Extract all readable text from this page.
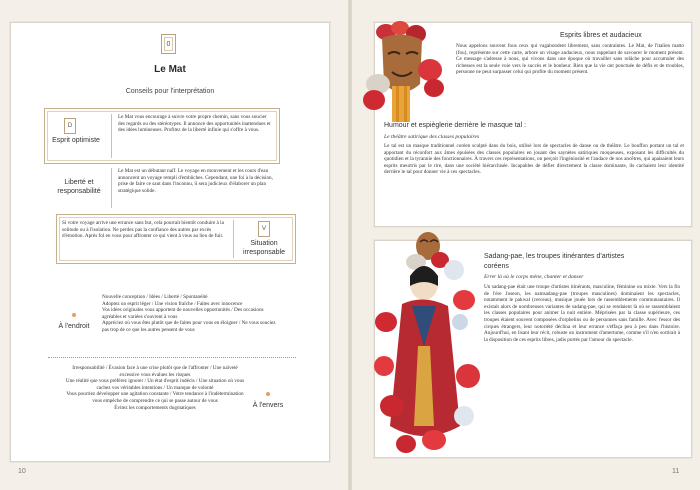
0
Le Mat
Conseils pour l'interprétation
D
Esprit optimiste
Le Mat vous encourage à suivre votre propre chemin, sans vous soucier des regards ou des stéréotypes. Il annonce des opportunités inattendues et des idées lumineuses. Profitez de la liberté infinie qui s'offre à vous.
Liberté et responsabilité
Le Mat est un débutant naïf. Le voyage en mouvement et les cours d'eau annoncent un voyage rempli d'embûches. Cependant, une foi à la décision, prise de faire ce saut dans l'inconnu, il sera judicieux d'élaborer un plan stratégique solide.
Si votre voyage arrive une errance sans but, cela pourrait bientôt conduire à la solitude ou à l'isolation. Ne perdez pas la confiance des autres par excès d'émotion. Après fol en vous pour affronter ce qui vient à vous au lieu de fuir.
V
Situation irresponsable
À l'endroit
Nouvelle conception / Idées / Liberté / Spontanéité
Adoptez un esprit léger / Une vision fraîche / Faites avec innocence
Vos idées originales vous apportent de nouvelles opportunités / Des occasions agréables et variées s'ouvrent à vous
Appréciez où vous êtes plutôt que de faites pour vous en éloigner / Ne vous souciez pas trop de ce que les autres pensent de vous
Irresponsabilité / Évasion face à une crise plutôt que de l'affronter / Une naïveté excessive vous évalues les risques
Une réalité que vous préférez ignorer / Un état d'esprit indécis / Une situation où vous cachez vos véritables intentions / Un manque de volonté
Vous pourriez développer une agitation constante / Votre tendance à l'indétermination vous empêche de comprendre ce qui se passe autour de vous
Évitez les comportements dogmatiques	À l'envers
10
Esprits libres et audacieux
Nous appelons souvent fous ceux qui vagabondent librement, sans contraintes. Le Mat, de l'italien matto (fou), représente sur cette carte, arbore un visage audacieux, nous rappelant de savourer le moment présent. Ce message s'adresse à nous, qui vivons dans une époque où travailler sans relâche pour accumuler des richesses est la seule voie vers le succès et le bonheur. Rien que la vie ont ponctuée de défis et de troubles, personne ne peut surpasser celui qui profite du moment présent.
Humour et espièglerie derrière le masque tal :
Le théâtre satirique des classes populaires
Le tal est un masque traditionnel coréen sculpté dans du bois, utilisé lors de spectacles de danse ou de théâtre. Le bouffon portant un tal et apportant du réconfort aux âmes épuisées des classes populaires en jouant des saynètes satiriques moqueuses, exposant les difficultés du quotidien et la tyrannie des fonctionnaires. À travers ces représentations, on perçoit l'ingéniosité et l'audace de nos ancêtres, qui apaisaient leurs esprits meurtris par le rire, dans une société hiérarchisée. Incapables de défier directement la classe dominante, ils cachaient leur identité derrière le tal pour donner vie à ces spectacles.
Sadang-pae, les troupes itinérantes d'artistes coréens
Errer là où le corps mène, chanter et danser
Un sadang-pae était une troupe d'artistes itinérants, masculine, féminine ou mixte. Vers la fin de l'ère Joseon, les namsadang-pae (troupes masculines) dominaient les spectacles, notamment le pakwal (cerceau), musique jouée lors de rassemblements communautaires. Il existait alors de nombreuses variantes de sadang-pae, qui se rendaient là où se rassemblaient les classes populaires pour animer la nuit entière. Méprisées par la classe supérieure, ces troupes étaient souvent composées d'orphelins ou de personnes sans famille. Avec l'essor des cirques étrangers, leur notoriété déclina et leur errance s'effaça peu à peu dans l'histoire. Aujourd'hui, en lisant leur récit, robuste un instrument d'amertume, comme s'il n'en sortirait à la disposition de ces esprits libres, jadis portés par l'amour du spectacle.
11
